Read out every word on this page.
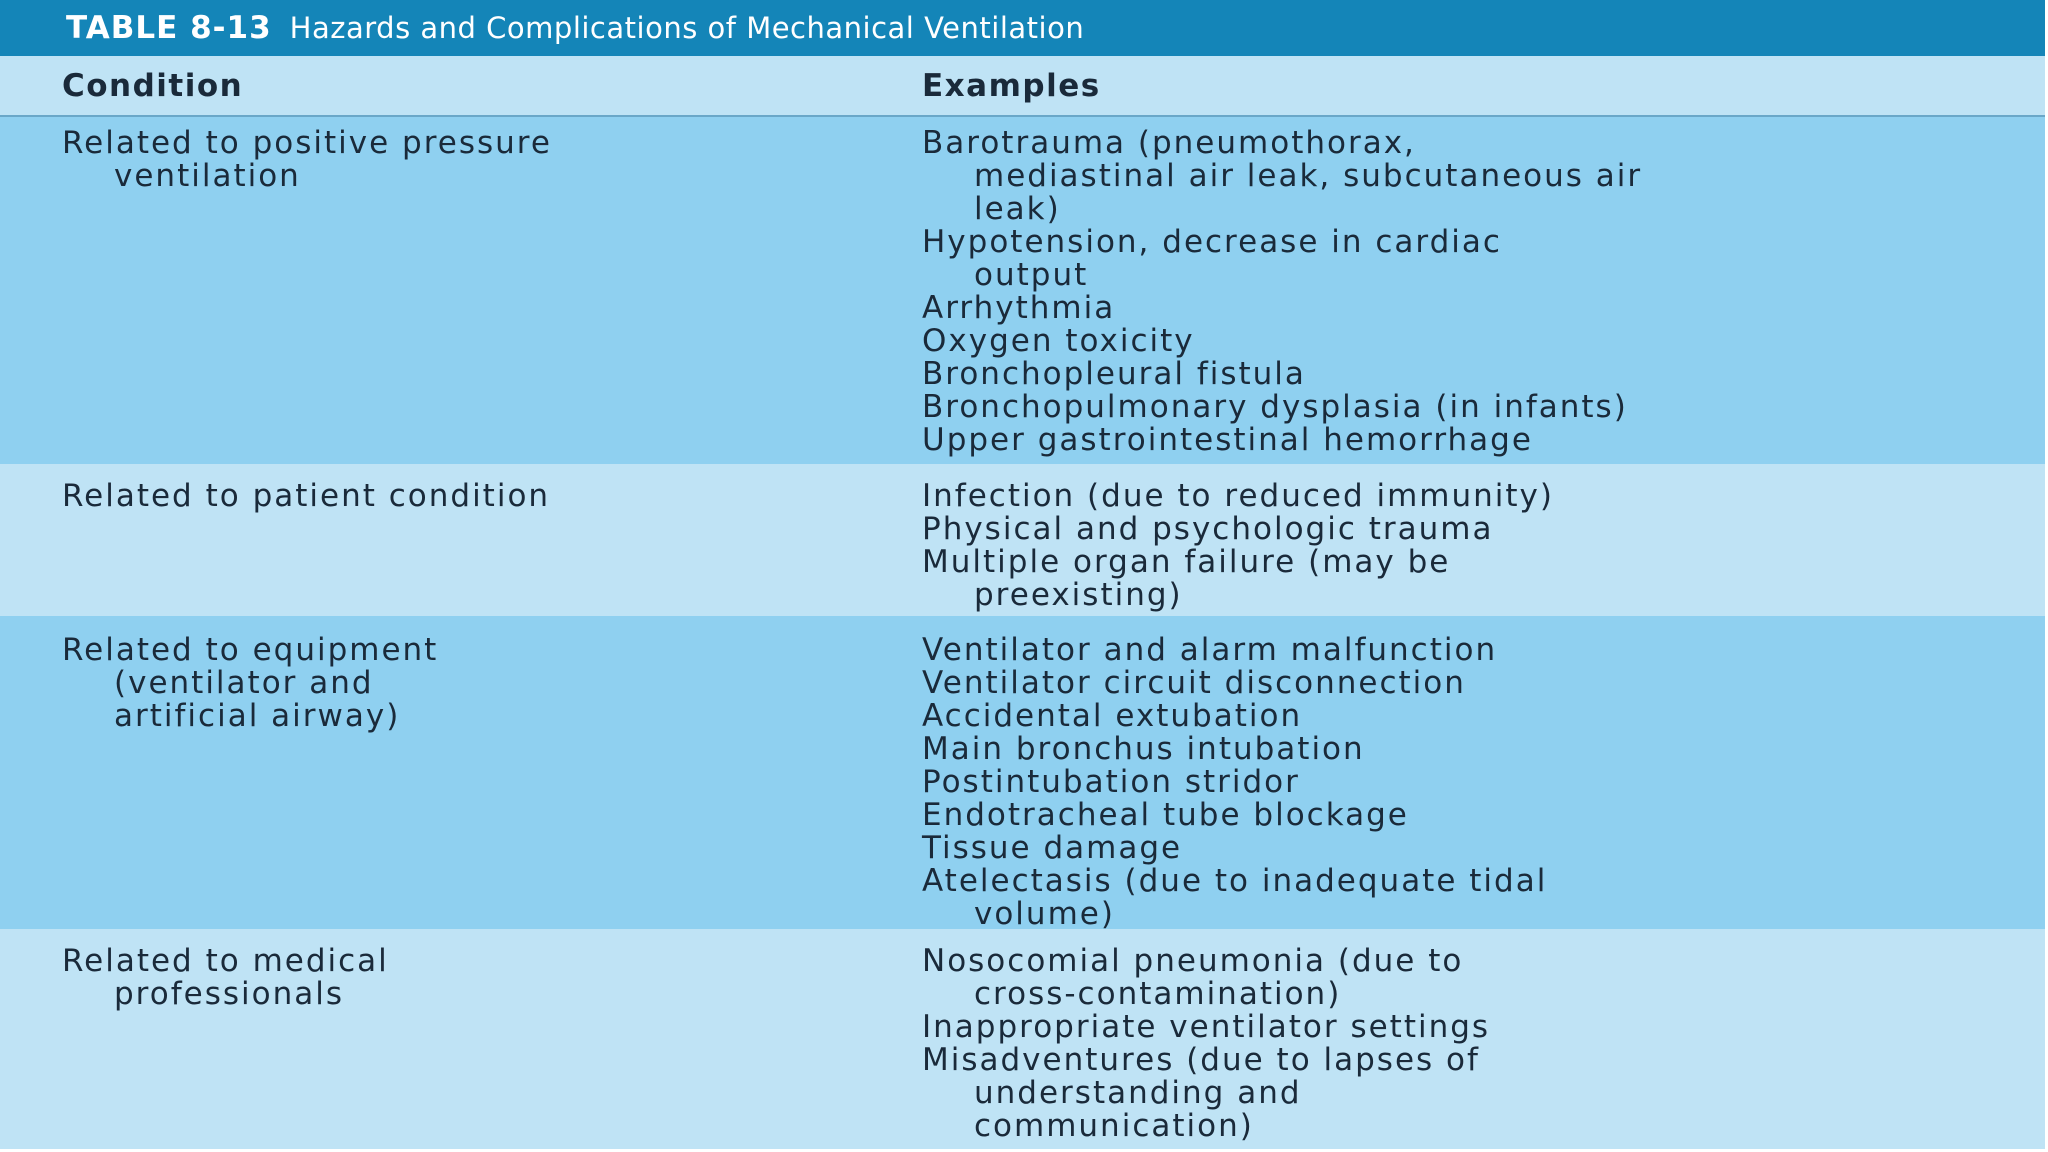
TABLE 8-13 Hazards and Complications of Mechanical Ventilation
Condition	Examples
Related to positive pressure
ventilation
Barotrauma (pneumothorax,
mediastinal air leak, subcutaneous air
leak)
Hypotension, decrease in cardiac
output
Arrhythmia
Oxygen toxicity
Bronchopleural fistula
Bronchopulmonary dysplasia (in infants)
Upper gastrointestinal hemorrhage
Related to patient condition	Infection (due to reduced immunity)
Physical and psychologic trauma
Multiple organ failure (may be
preexisting)
Related to equipment
(ventilator and
artificial airway)
Ventilator and alarm malfunction
Ventilator circuit disconnection
Accidental extubation
Main bronchus intubation
Postintubation stridor
Endotracheal tube blockage
Tissue damage
Atelectasis (due to inadequate tidal
volume)
Related to medical
professionals
Nosocomial pneumonia (due to
cross-contamination)
Inappropriate ventilator settings
Misadventures (due to lapses of
understanding and
communication)
